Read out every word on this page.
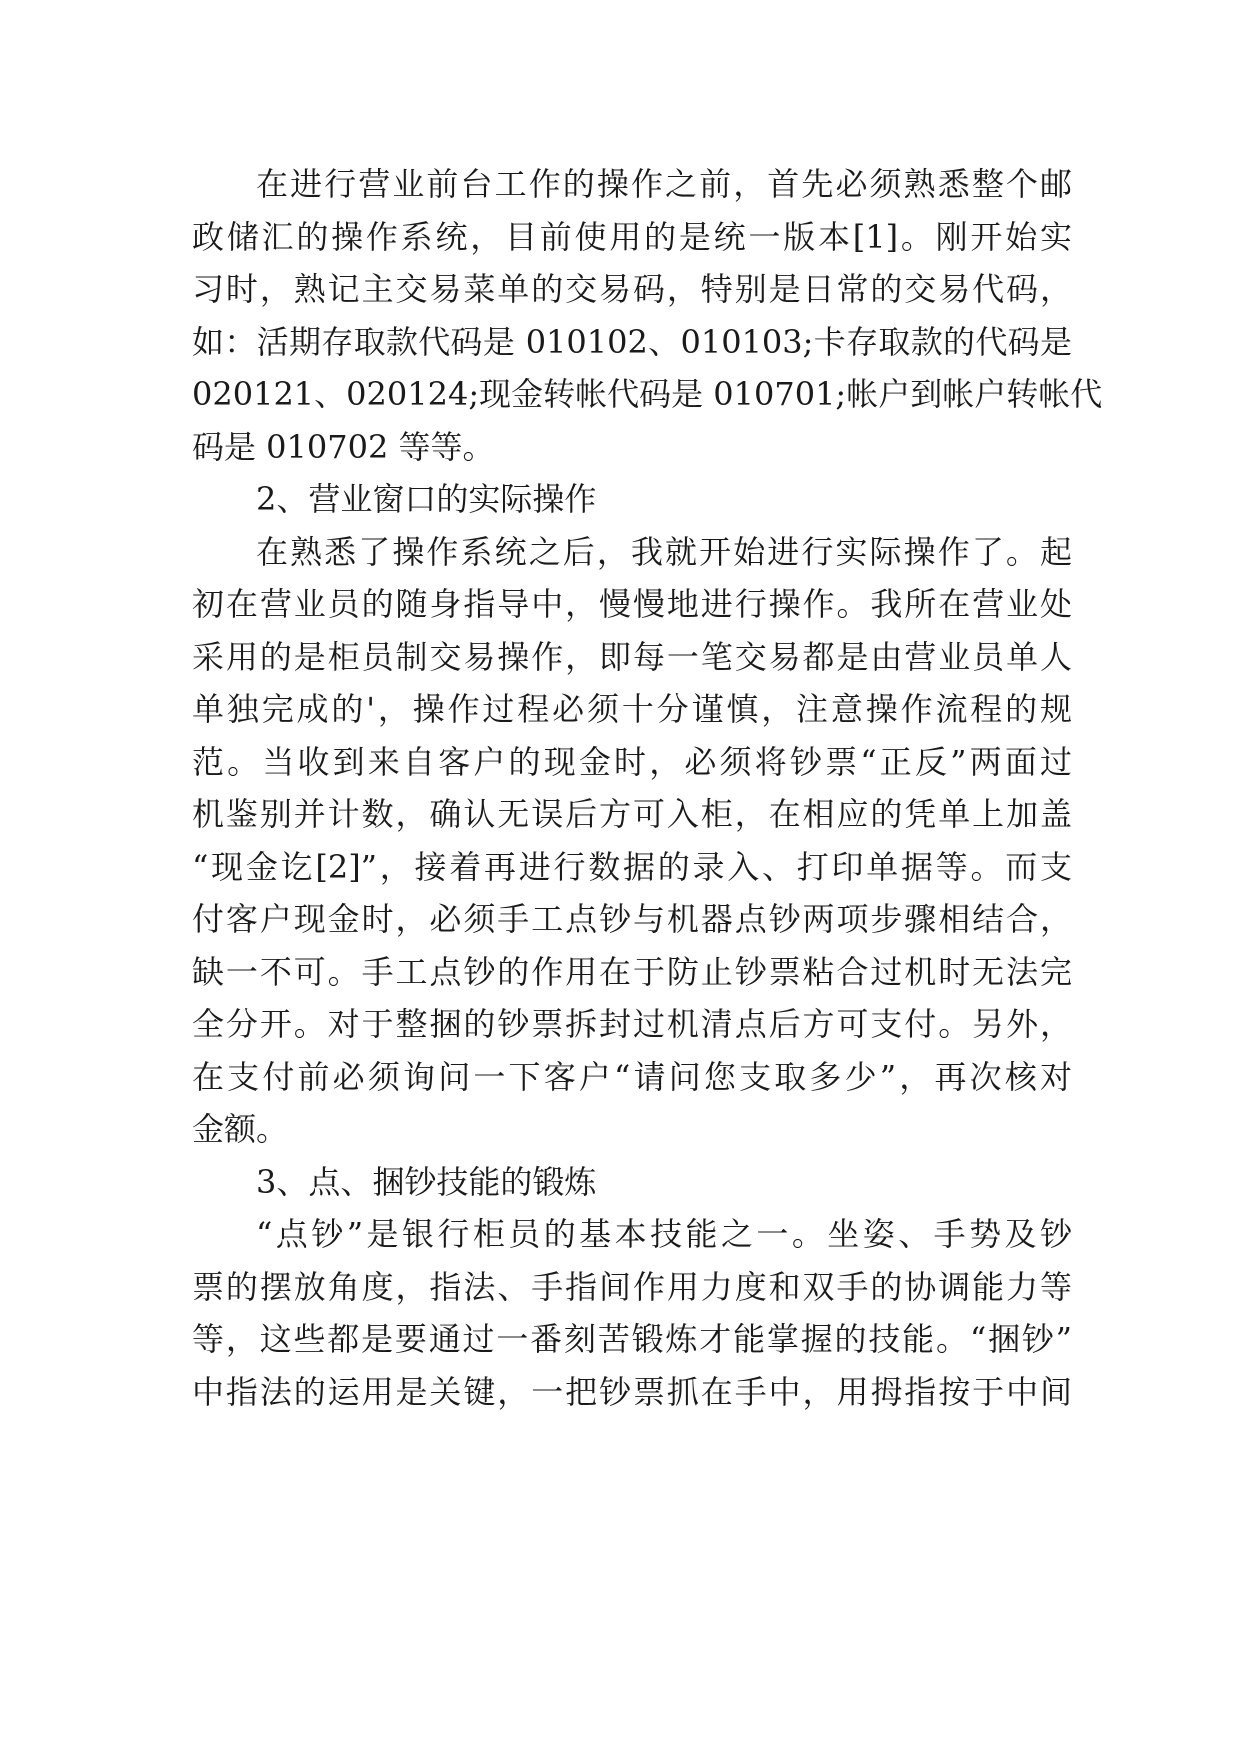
在进行营业前台工作的操作之前，首先必须熟悉整个邮
政储汇的操作系统，目前使用的是统一版本[1]。刚开始实
习时，熟记主交易菜单的交易码，特别是日常的交易代码，
如：活期存取款代码是 010102、010103;卡存取款的代码是
020121、020124;现金转帐代码是 010701;帐户到帐户转帐代
码是 010702 等等。
2、营业窗口的实际操作
在熟悉了操作系统之后，我就开始进行实际操作了。起
初在营业员的随身指导中，慢慢地进行操作。我所在营业处
采用的是柜员制交易操作，即每一笔交易都是由营业员单人
单独完成的'，操作过程必须十分谨慎，注意操作流程的规
范。当收到来自客户的现金时，必须将钞票“正反”两面过
机鉴别并计数，确认无误后方可入柜，在相应的凭单上加盖
“现金讫[2]”，接着再进行数据的录入、打印单据等。而支
付客户现金时，必须手工点钞与机器点钞两项步骤相结合，
缺一不可。手工点钞的作用在于防止钞票粘合过机时无法完
全分开。对于整捆的钞票拆封过机清点后方可支付。另外，
在支付前必须询问一下客户“请问您支取多少”，再次核对
金额。
3、点、捆钞技能的锻炼
“点钞”是银行柜员的基本技能之一。坐姿、手势及钞
票的摆放角度，指法、手指间作用力度和双手的协调能力等
等，这些都是要通过一番刻苦锻炼才能掌握的技能。“捆钞”
中指法的运用是关键，一把钞票抓在手中，用拇指按于中间
